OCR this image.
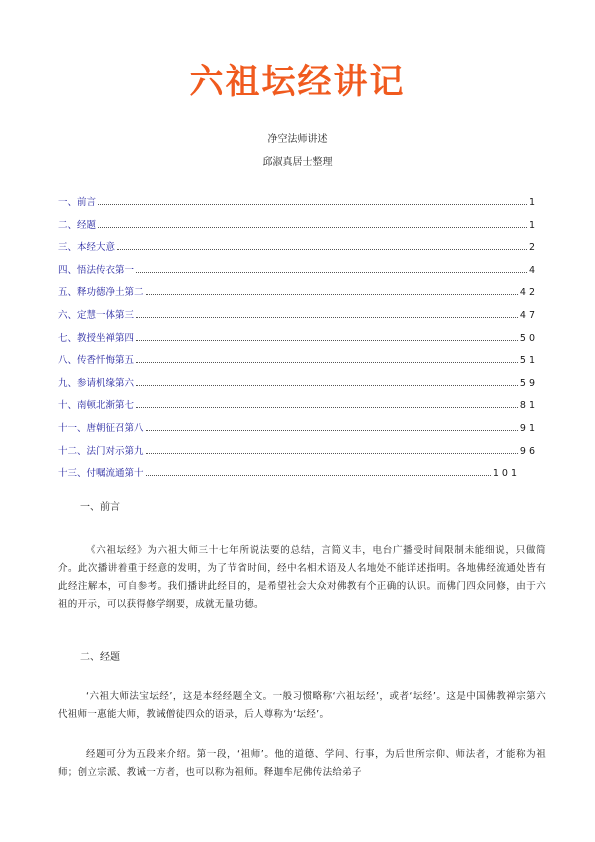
六祖坛经讲记
净空法师讲述
邱淑真居士整理
一、前言	1
二、经题	1
三、本经大意	2
四、悟法传衣第一	4
五、释功德净土第二	42
六、定慧一体第三	47
七、教授坐禅第四	50
八、传香忏悔第五	51
九、参请机缘第六	59
十、南顿北渐第七	81
十一、唐朝征召第八	91
十二、法门对示第九	96
十三、付嘱流通第十	101
一、前言
《六祖坛经》为六祖大师三十七年所说法要的总结，言简义丰，电台广播受时间限制未能细说，只做简介。此次播讲着重于经意的发明，为了节省时间，经中名相术语及人名地处不能详述指明。各地佛经流通处皆有此经注解本，可自参考。我们播讲此经目的，是希望社会大众对佛教有个正确的认识。而佛门四众同修，由于六祖的开示，可以获得修学纲要，成就无量功德。
二、经题
‘六祖大师法宝坛经’，这是本经经题全文。一般习惯略称‘六祖坛经’，或者‘坛经’。这是中国佛教禅宗第六代祖师一惠能大师，教诫僧徒四众的语录，后人尊称为‘坛经’。
经题可分为五段来介绍。第一段，‘祖师’。他的道德、学问、行事，为后世所宗仰、师法者，才能称为祖师；创立宗派、教诫一方者，也可以称为祖师。释迦牟尼佛传法给弟子
